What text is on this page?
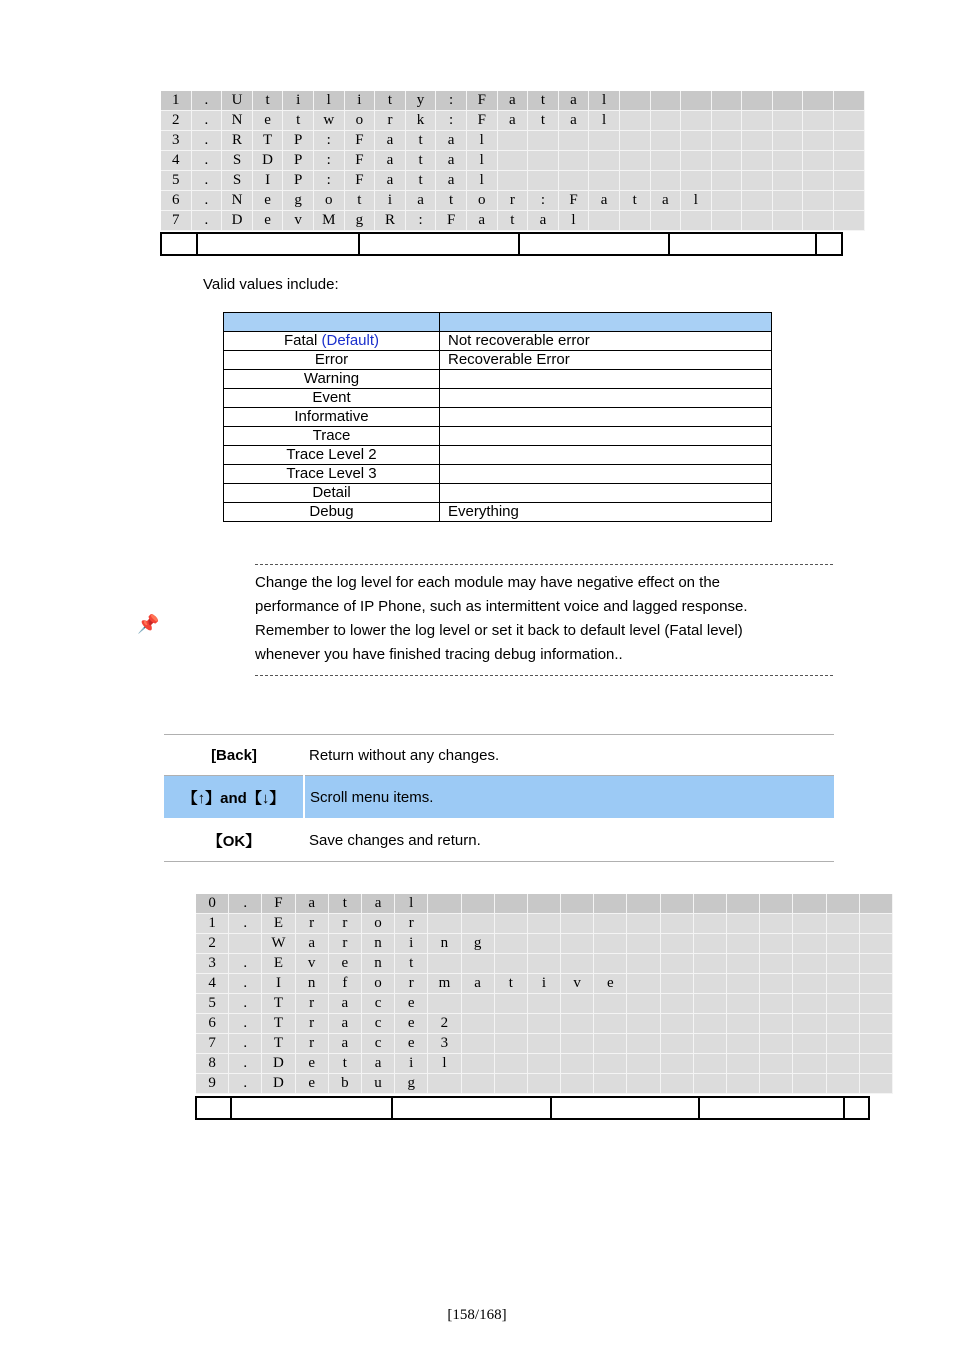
1	.	U	t	i	l	i	t	y	:	F	a	t	a	l								
2	.	N	e	t	w	o	r	k	:	F	a	t	a	l								
3	.	R	T	P	:	F	a	t	a	l												
4	.	S	D	P	:	F	a	t	a	l												
5	.	S	I	P	:	F	a	t	a	l												
6	.	N	e	g	o	t	i	a	t	o	r	:	F	a	t	a	l					
7	.	D	e	v	M	g	R	:	F	a	t	a	l									
Valid values include:

Fatal (Default)	Not recoverable error
Error	Recoverable Error
Warning	
Event	
Informative	
Trace	
Trace Level 2	
Trace Level 3	
Detail	
Debug	Everything
📌
Change the log level for each module may have negative effect on the
performance of IP Phone, such as intermittent voice and lagged response.
Remember to lower the log level or set it back to default level (Fatal level)
whenever you have finished tracing debug information..
[Back]	Return without any changes.
【↑】and【↓】	Scroll menu items.
【OK】	Save changes and return.
0	.	F	a	t	a	l														
1	.	E	r	r	o	r														
2		W	a	r	n	i	n	g												
3	.	E	v	e	n	t														
4	.	I	n	f	o	r	m	a	t	i	v	e								
5	.	T	r	a	c	e														
6	.	T	r	a	c	e	2													
7	.	T	r	a	c	e	3													
8	.	D	e	t	a	i	l													
9	.	D	e	b	u	g														
[158/168]
